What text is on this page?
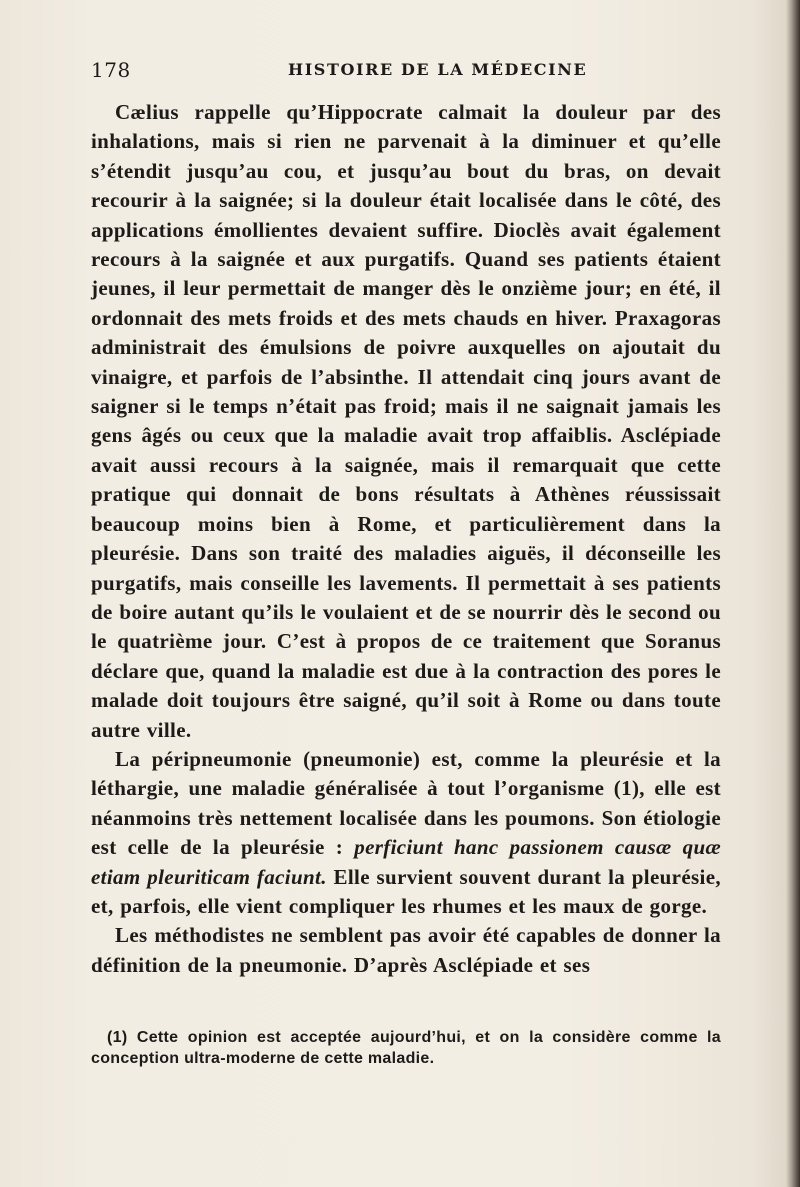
178	HISTOIRE DE LA MÉDECINE

Cælius rappelle qu’Hippocrate calmait la douleur par des inhalations, mais si rien ne parvenait à la diminuer et qu’elle s’étendit jusqu’au cou, et jusqu’au bout du bras, on devait recourir à la saignée; si la douleur était localisée dans le côté, des applications émollientes devaient suffire. Dioclès avait également recours à la saignée et aux purgatifs. Quand ses patients étaient jeunes, il leur permettait de manger dès le onzième jour; en été, il ordonnait des mets froids et des mets chauds en hiver. Praxagoras administrait des émulsions de poivre auxquelles on ajoutait du vinaigre, et parfois de l’absinthe. Il attendait cinq jours avant de saigner si le temps n’était pas froid; mais il ne saignait jamais les gens âgés ou ceux que la maladie avait trop affaiblis. Asclépiade avait aussi recours à la saignée, mais il remarquait que cette pratique qui donnait de bons résultats à Athènes réussissait beaucoup moins bien à Rome, et particulièrement dans la pleurésie. Dans son traité des maladies aiguës, il déconseille les purgatifs, mais conseille les lavements. Il permettait à ses patients de boire autant qu’ils le voulaient et de se nourrir dès le second ou le quatrième jour. C’est à propos de ce traitement que Soranus déclare que, quand la maladie est due à la contraction des pores le malade doit toujours être saigné, qu’il soit à Rome ou dans toute autre ville.

La péripneumonie (pneumonie) est, comme la pleurésie et la léthargie, une maladie généralisée à tout l’organisme (1), elle est néanmoins très nettement localisée dans les poumons. Son étiologie est celle de la pleurésie : perficiunt hanc passionem causæ quæ etiam pleuriticam faciunt. Elle survient souvent durant la pleurésie, et, parfois, elle vient compliquer les rhumes et les maux de gorge.

Les méthodistes ne semblent pas avoir été capables de donner la définition de la pneumonie. D’après Asclépiade et ses

(1) Cette opinion est acceptée aujourd’hui, et on la considère comme la conception ultra-moderne de cette maladie.
